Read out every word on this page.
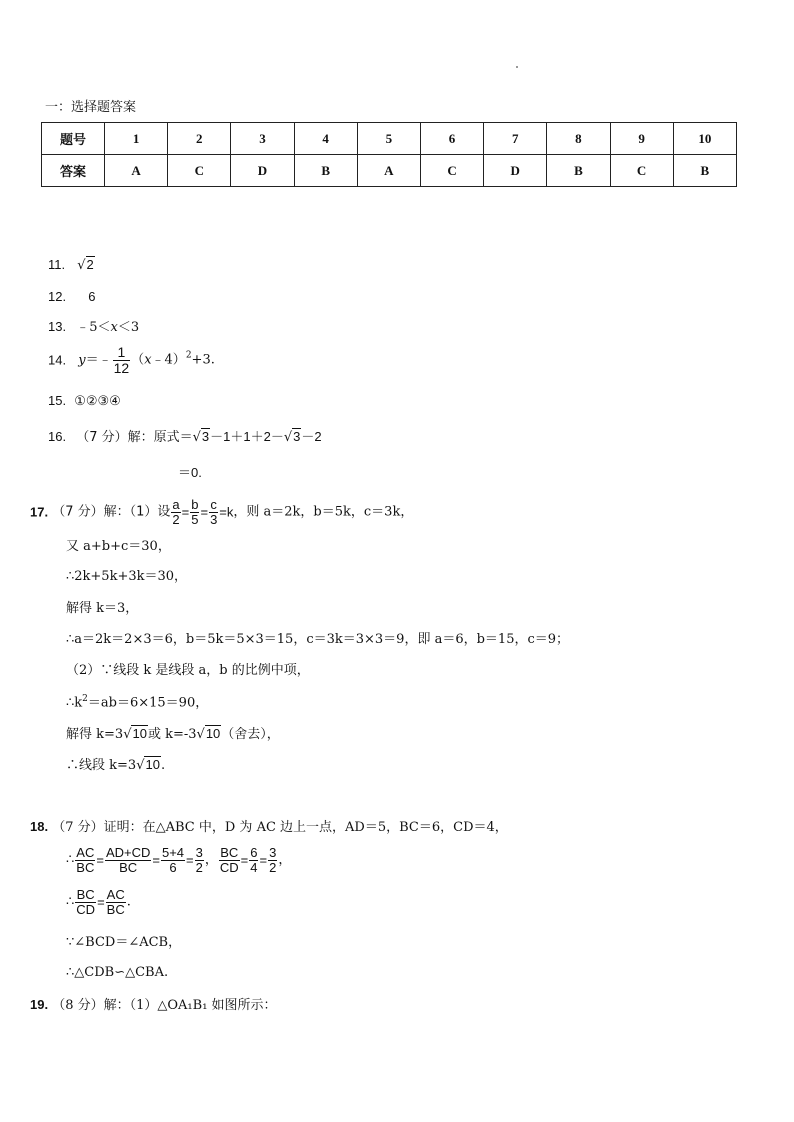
一：选择题答案
题号	1	2	3	4	5	6	7	8	9	10
答案	A	C	D	B	A	C	D	B	C	B
11. √2
12. 6
13. ﹣5＜x＜3
14. y＝﹣ $\frac{1}{12}$ （x﹣4）$^2$+3.
15. ①②③④
16. （7 分）解：原式＝√3－1＋1＋2－√3－2
＝0.
17. （7 分）解：（1）设 $\frac{a}{2} = \frac{b}{5} = \frac{c}{3} =k$，则 a＝2k，b＝5k，c＝3k，
又 a+b+c＝30，
∴2k+5k+3k＝30，
解得 k＝3，
∴a＝2k＝2×3＝6，b＝5k＝5×3＝15，c＝3k＝3×3＝9，即 a＝6，b＝15，c＝9；
（2）∵线段 k 是线段 a，b 的比例中项，
$\therefore k^2=ab=6\times 15=90$，
解得 k=3√10或 k=-3√10（舍去），
∴线段 k=3√10.
18. （7 分）证明：在△ABC 中，D 为 AC 边上一点，AD＝5，BC＝6，CD＝4，
∴ $\frac{AC}{BC} = \frac{AD+CD}{BC} = \frac{5+4}{6} = \frac{3}{2}$ ， $\frac{BC}{CD} = \frac{6}{4} = \frac{3}{2}$ ，
∴ $\frac{BC}{CD} = \frac{AC}{BC}$ .
∵∠BCD＝∠ACB，
∴△CDB∽△CBA.
19. （8 分）解：（1）△OA₁B₁ 如图所示：
